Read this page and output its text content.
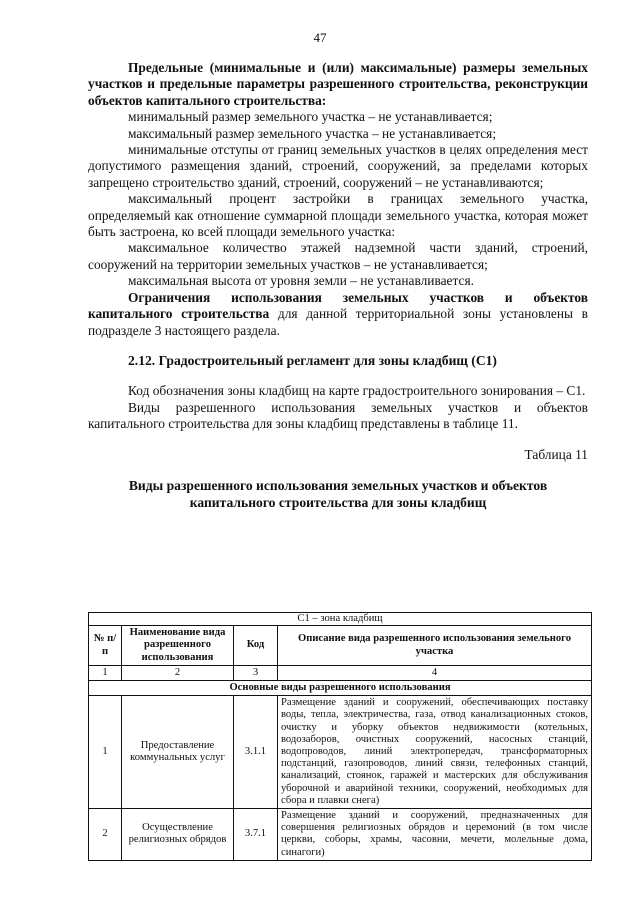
47

Предельные (минимальные и (или) максимальные) размеры земельных участков и предельные параметры разрешенного строительства, реконструкции объектов капитального строительства:

минимальный размер земельного участка – не устанавливается;

максимальный размер земельного участка – не устанавливается;

минимальные отступы от границ земельных участков в целях определения мест допустимого размещения зданий, строений, сооружений, за пределами которых запрещено строительство зданий, строений, сооружений – не устанавливаются;

максимальный процент застройки в границах земельного участка, определяемый как отношение суммарной площади земельного участка, которая может быть застроена, ко всей площади земельного участка:

максимальное количество этажей надземной части зданий, строений, сооружений на территории земельных участков – не устанавливается;

максимальная высота от уровня земли – не устанавливается.

Ограничения использования земельных участков и объектов капитального строительства для данной территориальной зоны установлены в подразделе 3 настоящего раздела.

2.12. Градостроительный регламент для зоны кладбищ (С1)

Код обозначения зоны кладбищ на карте градостроительного зонирования – С1.

Виды разрешенного использования земельных участков и объектов капитального строительства для зоны кладбищ представлены в таблице 11.

Таблица 11

Виды разрешенного использования земельных участков и объектов

капитального строительства для зоны кладбищ

С1 – зона кладбищ			
№ п/п	Наименование вида разрешенного использования	Код	Описание вида разрешенного использования земельного участка
1	2	3	4
Основные виды разрешенного использования			
1	Предоставление коммунальных услуг	3.1.1	Размещение зданий и сооружений, обеспечивающих поставку воды, тепла, электричества, газа, отвод канализационных стоков, очистку и уборку объектов недвижимости (котельных, водозаборов, очистных сооружений, насосных станций, водопроводов, линий электропередач, трансформаторных подстанций, газопроводов, линий связи, телефонных станций, канализаций, стоянок, гаражей и мастерских для обслуживания уборочной и аварийной техники, сооружений, необходимых для сбора и плавки снега)
2	Осуществление религиозных обрядов	3.7.1	Размещение зданий и сооружений, предназначенных для совершения религиозных обрядов и церемоний (в том числе церкви, соборы, храмы, часовни, мечети, молельные дома, синагоги)
